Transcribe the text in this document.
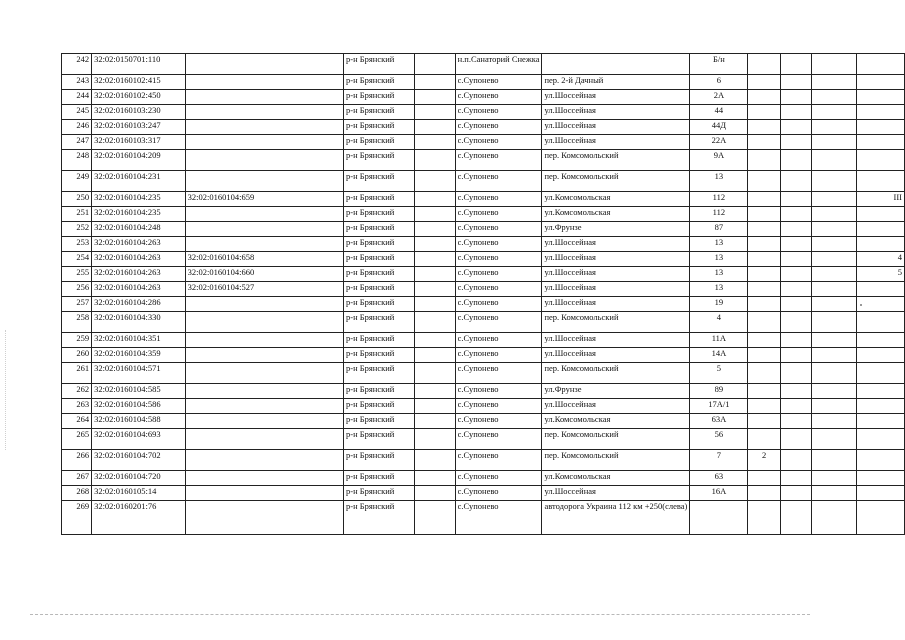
242	32:02:0150701:110		р-н Брянский		н.п.Санаторий Снежка		Б/н				
243	32:02:0160102:415		р-н Брянский		с.Супонево	пер. 2-й Дачный	6				
244	32:02:0160102:450		р-н Брянский		с.Супонево	ул.Шоссейная	2А				
245	32:02:0160103:230		р-н Брянский		с.Супонево	ул.Шоссейная	44				
246	32:02:0160103:247		р-н Брянский		с.Супонево	ул.Шоссейная	44Д				
247	32:02:0160103:317		р-н Брянский		с.Супонево	ул.Шоссейная	22А				
248	32:02:0160104:209		р-н Брянский		с.Супонево	пер. Комсомольский	9А				
249	32:02:0160104:231		р-н Брянский		с.Супонево	пер. Комсомольский	13				
250	32:02:0160104:235	32:02:0160104:659	р-н Брянский		с.Супонево	ул.Комсомольская	112				III
251	32:02:0160104:235		р-н Брянский		с.Супонево	ул.Комсомольская	112				
252	32:02:0160104:248		р-н Брянский		с.Супонево	ул.Фрунзе	87				
253	32:02:0160104:263		р-н Брянский		с.Супонево	ул.Шоссейная	13				
254	32:02:0160104:263	32:02:0160104:658	р-н Брянский		с.Супонево	ул.Шоссейная	13				4
255	32:02:0160104:263	32:02:0160104:660	р-н Брянский		с.Супонево	ул.Шоссейная	13				5
256	32:02:0160104:263	32:02:0160104:527	р-н Брянский		с.Супонево	ул.Шоссейная	13				
257	32:02:0160104:286		р-н Брянский		с.Супонево	ул.Шоссейная	19				
258	32:02:0160104:330		р-н Брянский		с.Супонево	пер. Комсомольский	4				
259	32:02:0160104:351		р-н Брянский		с.Супонево	ул.Шоссейная	11А				
260	32:02:0160104:359		р-н Брянский		с.Супонево	ул.Шоссейная	14А				
261	32:02:0160104:571		р-н Брянский		с.Супонево	пер. Комсомольский	5				
262	32:02:0160104:585		р-н Брянский		с.Супонево	ул.Фрунзе	89				
263	32:02:0160104:586		р-н Брянский		с.Супонево	ул.Шоссейная	17А/1				
264	32:02:0160104:588		р-н Брянский		с.Супонево	ул.Комсомольская	63А				
265	32:02:0160104:693		р-н Брянский		с.Супонево	пер. Комсомольский	56				
266	32:02:0160104:702		р-н Брянский		с.Супонево	пер. Комсомольский	7	2			
267	32:02:0160104:720		р-н Брянский		с.Супонево	ул.Комсомольская	63				
268	32:02:0160105:14		р-н Брянский		с.Супонево	ул.Шоссейная	16А				
269	32:02:0160201:76		р-н Брянский		с.Супонево	автодорога Украина 112 км +250(слева)					
